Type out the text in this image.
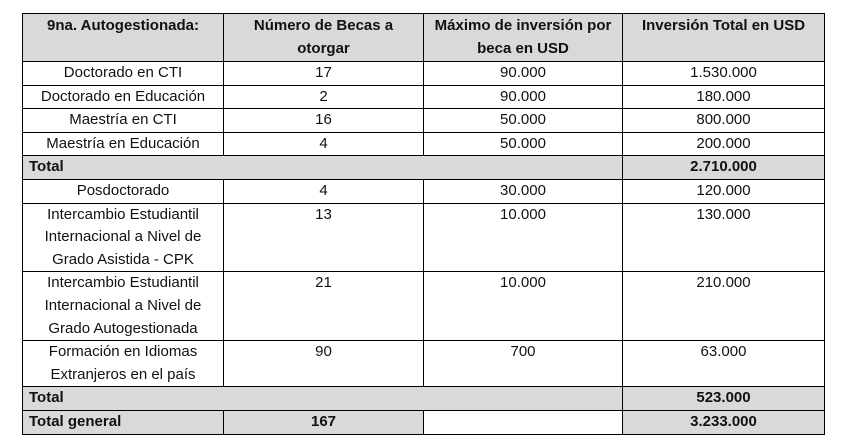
9na. Autogestionada:	Número de Becas a otorgar	Máximo de inversión por beca en USD	Inversión Total en USD
Doctorado en CTI	17	90.000	1.530.000
Doctorado en Educación	2	90.000	180.000
Maestría en CTI	16	50.000	800.000
Maestría en Educación	4	50.000	200.000
Total			2.710.000
Posdoctorado	4	30.000	120.000
Intercambio Estudiantil Internacional a Nivel de Grado Asistida - CPK	13	10.000	130.000
Intercambio Estudiantil Internacional a Nivel de Grado Autogestionada	21	10.000	210.000
Formación en Idiomas Extranjeros en el país	90	700	63.000
Total			523.000
Total general	167		3.233.000
